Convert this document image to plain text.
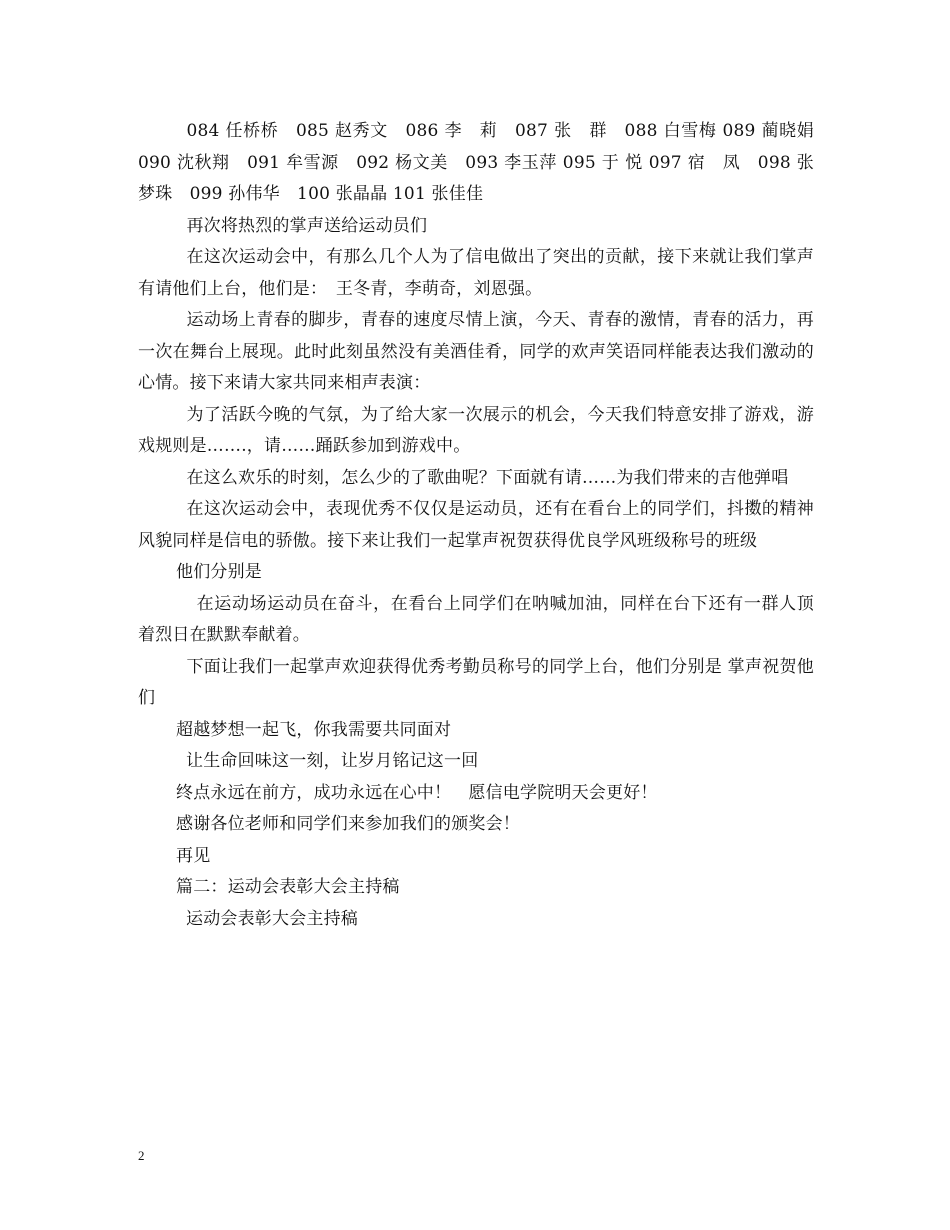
084 任桥桥　085 赵秀文　086 李　莉　087 张　群　088 白雪梅 089 蔺晓娟 090 沈秋翔　091 牟雪源　092 杨文美　093 李玉萍 095 于 悦 097 宿　凤　098 张梦珠　099 孙伟华　100 张晶晶 101 张佳佳

再次将热烈的掌声送给运动员们

在这次运动会中，有那么几个人为了信电做出了突出的贡献，接下来就让我们掌声有请他们上台，他们是：　王冬青，李萌奇，刘恩强。

运动场上青春的脚步，青春的速度尽情上演，今天、青春的激情，青春的活力，再一次在舞台上展现。此时此刻虽然没有美酒佳肴，同学的欢声笑语同样能表达我们激动的心情。接下来请大家共同来相声表演：

为了活跃今晚的气氛，为了给大家一次展示的机会，今天我们特意安排了游戏，游戏规则是…….，请……踊跃参加到游戏中。

在这么欢乐的时刻，怎么少的了歌曲呢？下面就有请……为我们带来的吉他弹唱

在这次运动会中，表现优秀不仅仅是运动员，还有在看台上的同学们，抖擞的精神风貌同样是信电的骄傲。接下来让我们一起掌声祝贺获得优良学风班级称号的班级

他们分别是

在运动场运动员在奋斗，在看台上同学们在呐喊加油，同样在台下还有一群人顶着烈日在默默奉献着。

下面让我们一起掌声欢迎获得优秀考勤员称号的同学上台，他们分别是 掌声祝贺他们

超越梦想一起飞，你我需要共同面对

让生命回味这一刻，让岁月铭记这一回

终点永远在前方，成功永远在心中！　愿信电学院明天会更好！

感谢各位老师和同学们来参加我们的颁奖会！

再见

篇二：运动会表彰大会主持稿

运动会表彰大会主持稿

2
